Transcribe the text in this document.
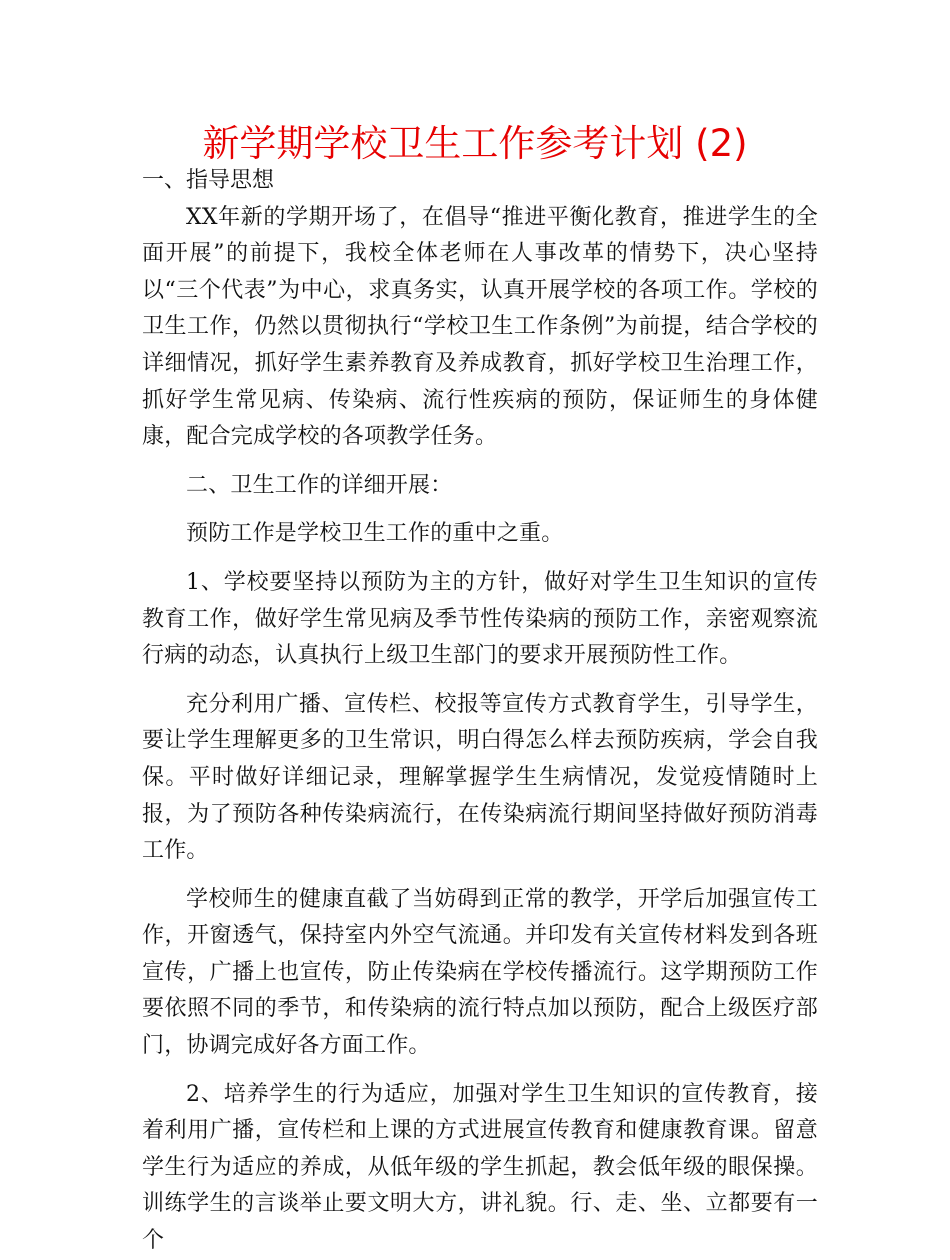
新学期学校卫生工作参考计划 (2)

一、指导思想

XX年新的学期开场了，在倡导“推进平衡化教育，推进学生的全面开展”的前提下，我校全体老师在人事改革的情势下，决心坚持以“三个代表”为中心，求真务实，认真开展学校的各项工作。学校的卫生工作，仍然以贯彻执行“学校卫生工作条例”为前提，结合学校的详细情况，抓好学生素养教育及养成教育，抓好学校卫生治理工作，抓好学生常见病、传染病、流行性疾病的预防，保证师生的身体健康，配合完成学校的各项教学任务。

二、卫生工作的详细开展：

预防工作是学校卫生工作的重中之重。

1、学校要坚持以预防为主的方针，做好对学生卫生知识的宣传教育工作，做好学生常见病及季节性传染病的预防工作，亲密观察流行病的动态，认真执行上级卫生部门的要求开展预防性工作。

充分利用广播、宣传栏、校报等宣传方式教育学生，引导学生，要让学生理解更多的卫生常识，明白得怎么样去预防疾病，学会自我保。平时做好详细记录，理解掌握学生生病情况，发觉疫情随时上报，为了预防各种传染病流行，在传染病流行期间坚持做好预防消毒工作。

学校师生的健康直截了当妨碍到正常的教学，开学后加强宣传工作，开窗透气，保持室内外空气流通。并印发有关宣传材料发到各班宣传，广播上也宣传，防止传染病在学校传播流行。这学期预防工作要依照不同的季节，和传染病的流行特点加以预防，配合上级医疗部门，协调完成好各方面工作。

2、培养学生的行为适应，加强对学生卫生知识的宣传教育，接着利用广播，宣传栏和上课的方式进展宣传教育和健康教育课。留意学生行为适应的养成，从低年级的学生抓起，教会低年级的眼保操。训练学生的言谈举止要文明大方，讲礼貌。行、走、坐、立都要有一个
